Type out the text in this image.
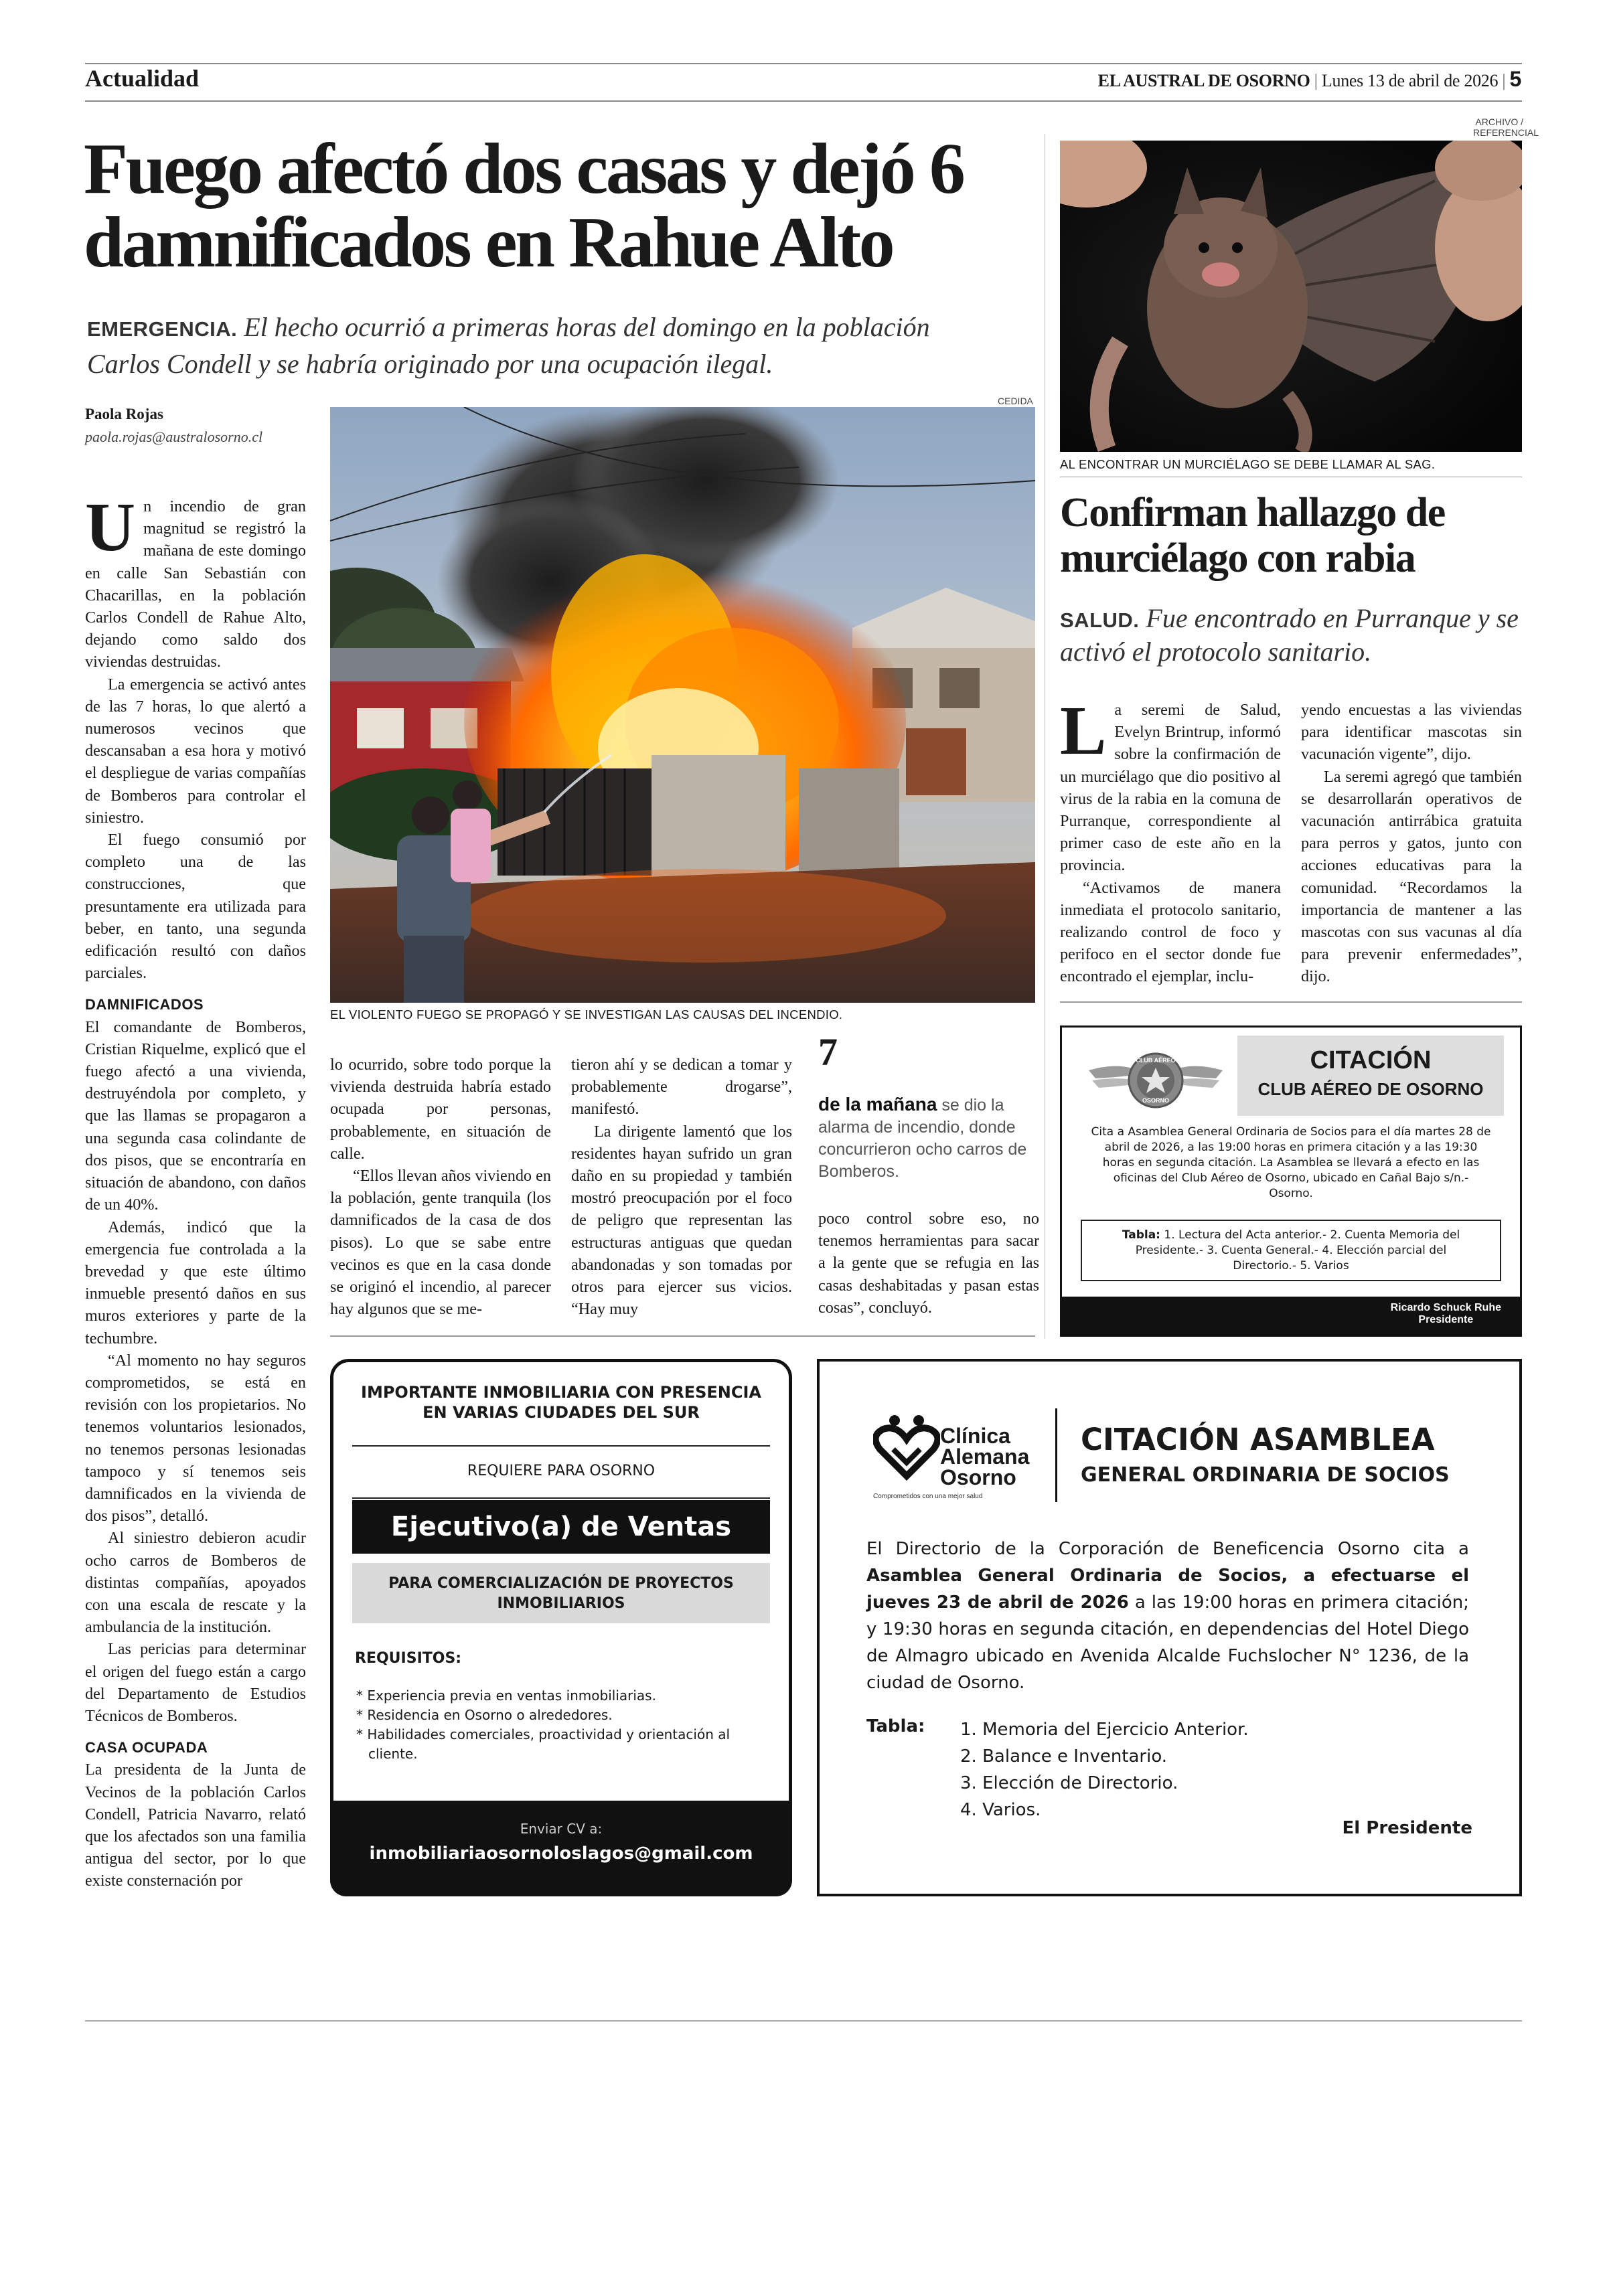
Actualidad	EL AUSTRAL DE OSORNO | Lunes 13 de abril de 2026 | 5
Fuego afectó dos casas y dejó 6
damnificados en Rahue Alto
EMERGENCIA. El hecho ocurrió a primeras horas del domingo en la población
Carlos Condell y se habría originado por una ocupación ilegal.
Paola Rojas
paola.rojas@australosorno.cl
CEDIDA
EL VIOLENTO FUEGO SE PROPAGÓ Y SE INVESTIGAN LAS CAUSAS DEL INCENDIO.

Un incendio de gran magnitud se registró la mañana de este domingo en calle San Sebastián con Chacarillas, en la población Carlos Condell de Rahue Alto, dejando como saldo dos viviendas destruidas.

La emergencia se activó antes de las 7 horas, lo que alertó a numerosos vecinos que descansaban a esa hora y motivó el despliegue de varias compañías de Bomberos para controlar el siniestro.

El fuego consumió por completo una de las construcciones, que presuntamente era utilizada para beber, en tanto, una segunda edificación resultó con daños parciales.

DAMNIFICADOS

El comandante de Bomberos, Cristian Riquelme, explicó que el fuego afectó a una vivienda, destruyéndola por completo, y que las llamas se propagaron a una segunda casa colindante de dos pisos, que se encontraría en situación de abandono, con daños de un 40%.

Además, indicó que la emergencia fue controlada a la brevedad y que este último inmueble presentó daños en sus muros exteriores y parte de la techumbre.

“Al momento no hay seguros comprometidos, se está en revisión con los propietarios. No tenemos voluntarios lesionados, no tenemos personas lesionadas tampoco y sí tenemos seis damnificados en la vivienda de dos pisos”, detalló.

Al siniestro debieron acudir ocho carros de Bomberos de distintas compañías, apoyados con una escala de rescate y la ambulancia de la institución.

Las pericias para determinar el origen del fuego están a cargo del Departamento de Estudios Técnicos de Bomberos.

CASA OCUPADA

La presidenta de la Junta de Vecinos de la población Carlos Condell, Patricia Navarro, relató que los afectados son una familia antigua del sector, por lo que existe consternación por

lo ocurrido, sobre todo porque la vivienda destruida habría estado ocupada por personas, probablemente, en situación de calle.

“Ellos llevan años viviendo en la población, gente tranquila (los damnificados de la casa de dos pisos). Lo que se sabe entre vecinos es que en la casa donde se originó el incendio, al parecer hay algunos que se me-

tieron ahí y se dedican a tomar y probablemente drogarse”, manifestó.

La dirigente lamentó que los residentes hayan sufrido un gran daño en su propiedad y también mostró preocupación por el foco de peligro que representan las estructuras antiguas que quedan abandonadas y son tomadas por otros para ejercer sus vicios. “Hay muy

7
de la mañana se dio la alarma de incendio, donde concurrieron ocho carros de Bomberos.

poco control sobre eso, no tenemos herramientas para sacar a la gente que se refugia en las casas deshabitadas y pasan estas cosas”, concluyó.

ARCHIVO /
REFERENCIAL
AL ENCONTRAR UN MURCIÉLAGO SE DEBE LLAMAR AL SAG.
Confirman hallazgo de
murciélago con rabia
SALUD. Fue encontrado en Purranque y se activó el protocolo sanitario.

La seremi de Salud, Evelyn Brintrup, informó sobre la confirmación de un murciélago que dio positivo al virus de la rabia en la comuna de Purranque, correspondiente al primer caso de este año en la provincia.

“Activamos de manera inmediata el protocolo sanitario, realizando control de foco y perifoco en el sector donde fue encontrado el ejemplar, inclu-

yendo encuestas a las viviendas para identificar mascotas sin vacunación vigente”, dijo.

La seremi agregó que también se desarrollarán operativos de vacunación antirrábica gratuita para perros y gatos, junto con acciones educativas para la comunidad. “Recordamos la importancia de mantener a las mascotas con sus vacunas al día para prevenir enfermedades”, dijo.

CLUB AÉREO
OSORNO
CITACIÓN
CLUB AÉREO DE OSORNO
Cita a Asamblea General Ordinaria de Socios para el día martes 28 de abril de 2026, a las 19:00 horas en primera citación y a las 19:30 horas en segunda citación. La Asamblea se llevará a efecto en las oficinas del Club Aéreo de Osorno, ubicado en Cañal Bajo s/n.- Osorno.
Tabla: 1. Lectura del Acta anterior.- 2. Cuenta Memoria del Presidente.- 3. Cuenta General.- 4. Elección parcial del Directorio.- 5. Varios
Ricardo Schuck Ruhe
Presidente
IMPORTANTE INMOBILIARIA CON PRESENCIA EN VARIAS CIUDADES DEL SUR
REQUIERE PARA OSORNO
Ejecutivo(a) de Ventas
PARA COMERCIALIZACIÓN DE PROYECTOS INMOBILIARIOS
REQUISITOS:
* Experiencia previa en ventas inmobiliarias.
* Residencia en Osorno o alrededores.
* Habilidades comerciales, proactividad y orientación al cliente.
Enviar CV a:
inmobiliariaosornoloslagos@gmail.com
Clínica
Alemana
Osorno
Comprometidos con una mejor salud
CITACIÓN ASAMBLEA
GENERAL ORDINARIA DE SOCIOS
El Directorio de la Corporación de Beneficencia Osorno cita a Asamblea General Ordinaria de Socios, a efectuarse el jueves 23 de abril de 2026 a las 19:00 horas en primera citación; y 19:30 horas en segunda citación, en dependencias del Hotel Diego de Almagro ubicado en Avenida Alcalde Fuchslocher N° 1236, de la ciudad de Osorno.
Tabla: 1. Memoria del Ejercicio Anterior.
2. Balance e Inventario.
3. Elección de Directorio.
4. Varios.
El Presidente
